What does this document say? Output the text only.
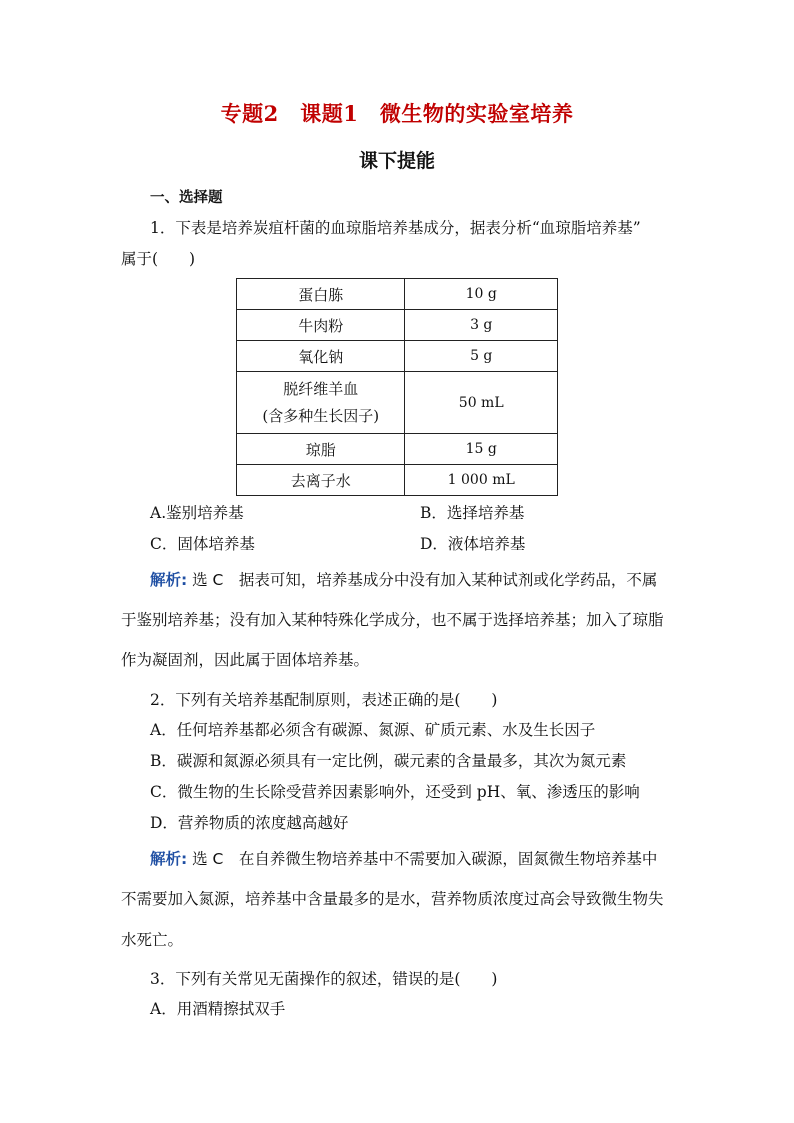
专题2　课题1　微生物的实验室培养
课下提能
一、选择题
1．下表是培养炭疽杆菌的血琼脂培养基成分，据表分析“血琼脂培养基”
属于(　　)
蛋白胨	10 g
牛肉粉	3 g
氧化钠	5 g

脱纤维羊血
(含多种生长因子)	50 mL
琼脂	15 g
去离子水	1 000 mL
A.鉴别培养基	B．选择培养基
C．固体培养基	D．液体培养基
解析: 选 C　据表可知，培养基成分中没有加入某种试剂或化学药品，不属
于鉴别培养基；没有加入某种特殊化学成分，也不属于选择培养基；加入了琼脂
作为凝固剂，因此属于固体培养基。
2．下列有关培养基配制原则，表述正确的是(　　)
A．任何培养基都必须含有碳源、氮源、矿质元素、水及生长因子
B．碳源和氮源必须具有一定比例，碳元素的含量最多，其次为氮元素
C．微生物的生长除受营养因素影响外，还受到 pH、氧、渗透压的影响
D．营养物质的浓度越高越好
解析: 选 C　在自养微生物培养基中不需要加入碳源，固氮微生物培养基中
不需要加入氮源，培养基中含量最多的是水，营养物质浓度过高会导致微生物失
水死亡。
3．下列有关常见无菌操作的叙述，错误的是(　　)
A．用酒精擦拭双手
